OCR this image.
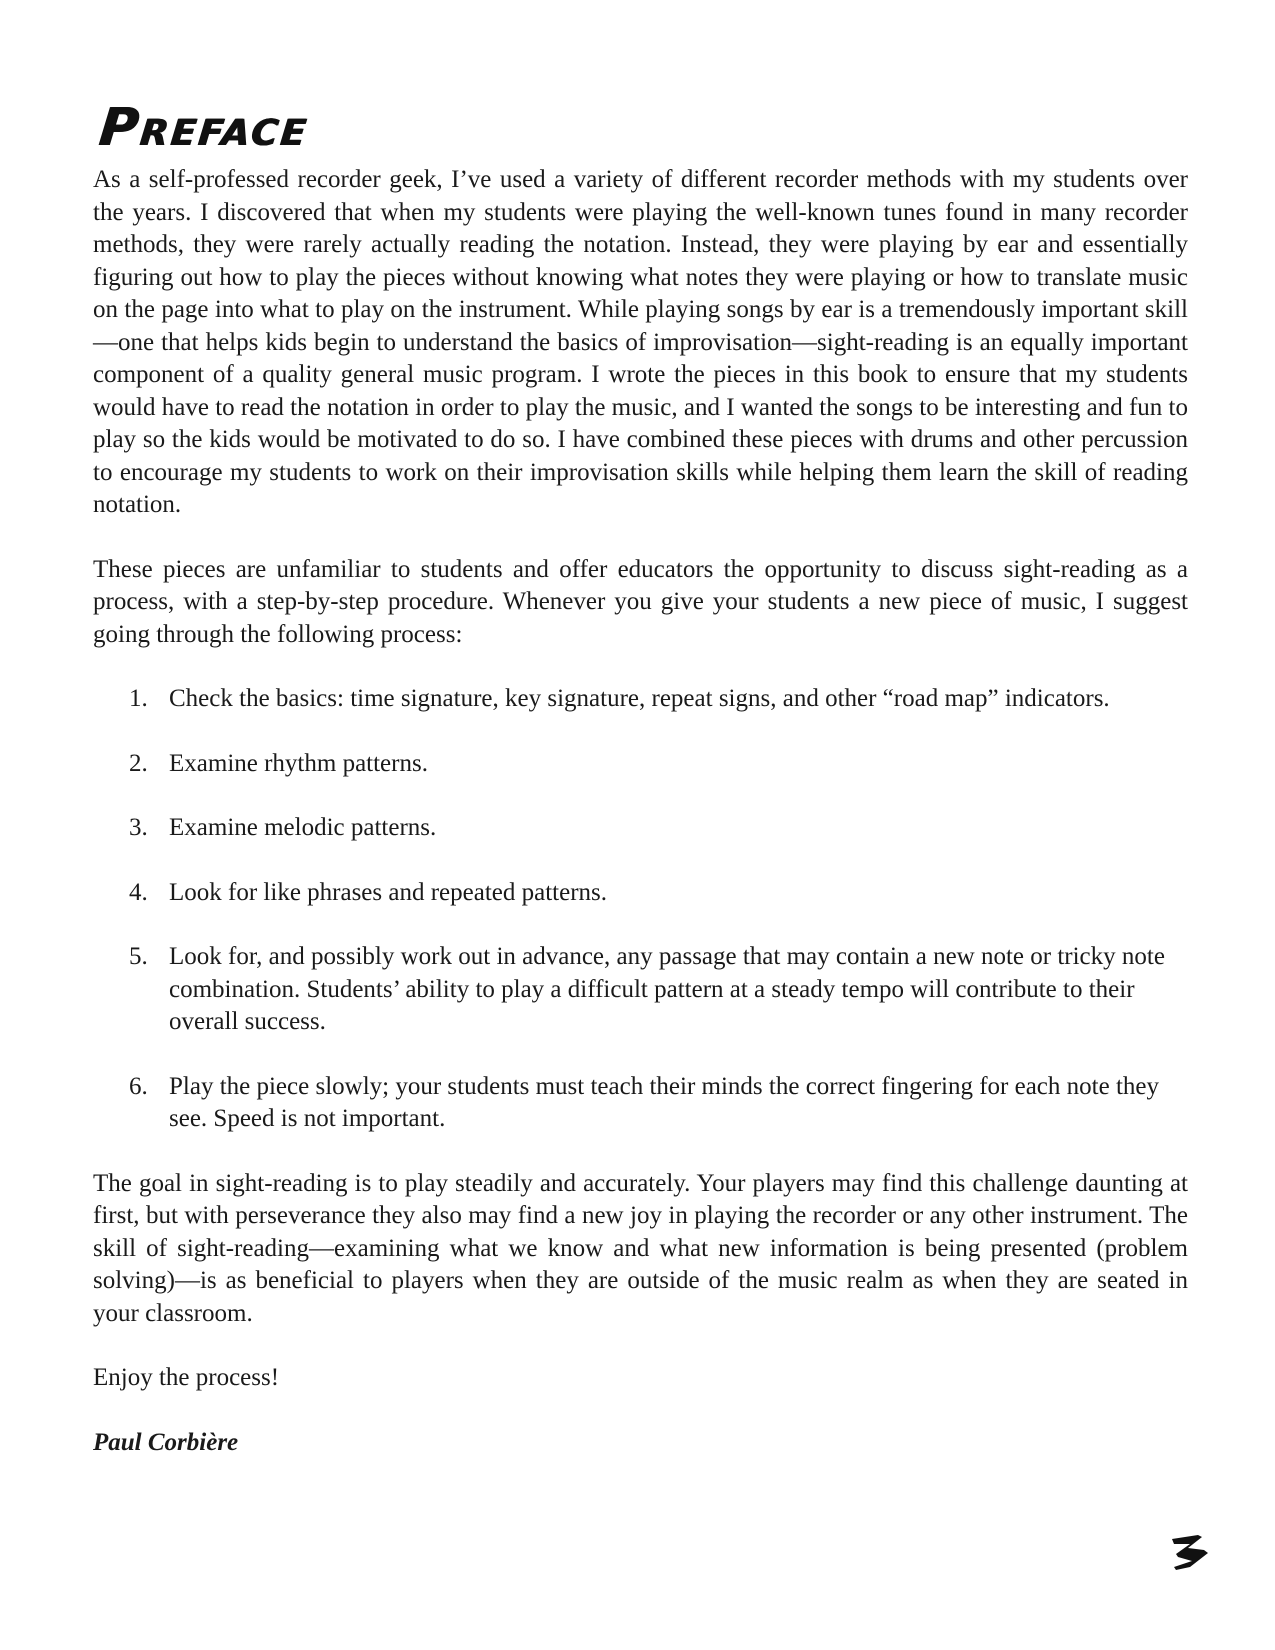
Preface

As a self-professed recorder geek, I’ve used a variety of different recorder methods with my students over the years. I discovered that when my students were playing the well-known tunes found in many recorder methods, they were rarely actually reading the notation. Instead, they were playing by ear and essentially figuring out how to play the pieces without knowing what notes they were playing or how to translate music on the page into what to play on the instrument. While playing songs by ear is a tremendously important skill—one that helps kids begin to understand the basics of improvisation—sight-reading is an equally important component of a quality general music program. I wrote the pieces in this book to ensure that my students would have to read the notation in order to play the music, and I wanted the songs to be interesting and fun to play so the kids would be motivated to do so. I have combined these pieces with drums and other percussion to encourage my students to work on their improvisation skills while helping them learn the skill of reading notation.

These pieces are unfamiliar to students and offer educators the opportunity to discuss sight-reading as a process, with a step-by-step procedure. Whenever you give your students a new piece of music, I suggest going through the following process:

1. Check the basics: time signature, key signature, repeat signs, and other “road map” indicators.
2. Examine rhythm patterns.
3. Examine melodic patterns.
4. Look for like phrases and repeated patterns.
5. Look for, and possibly work out in advance, any passage that may contain a new note or tricky note combination. Students’ ability to play a difficult pattern at a steady tempo will contribute to their overall success.
6. Play the piece slowly; your students must teach their minds the correct fingering for each note they see. Speed is not important.

The goal in sight-reading is to play steadily and accurately. Your players may find this challenge daunting at first, but with perseverance they also may find a new joy in playing the recorder or any other instrument. The skill of sight-reading—examining what we know and what new information is being presented (problem solving)—is as beneficial to players when they are outside of the music realm as when they are seated in your classroom.

Enjoy the process!

Paul Corbière
